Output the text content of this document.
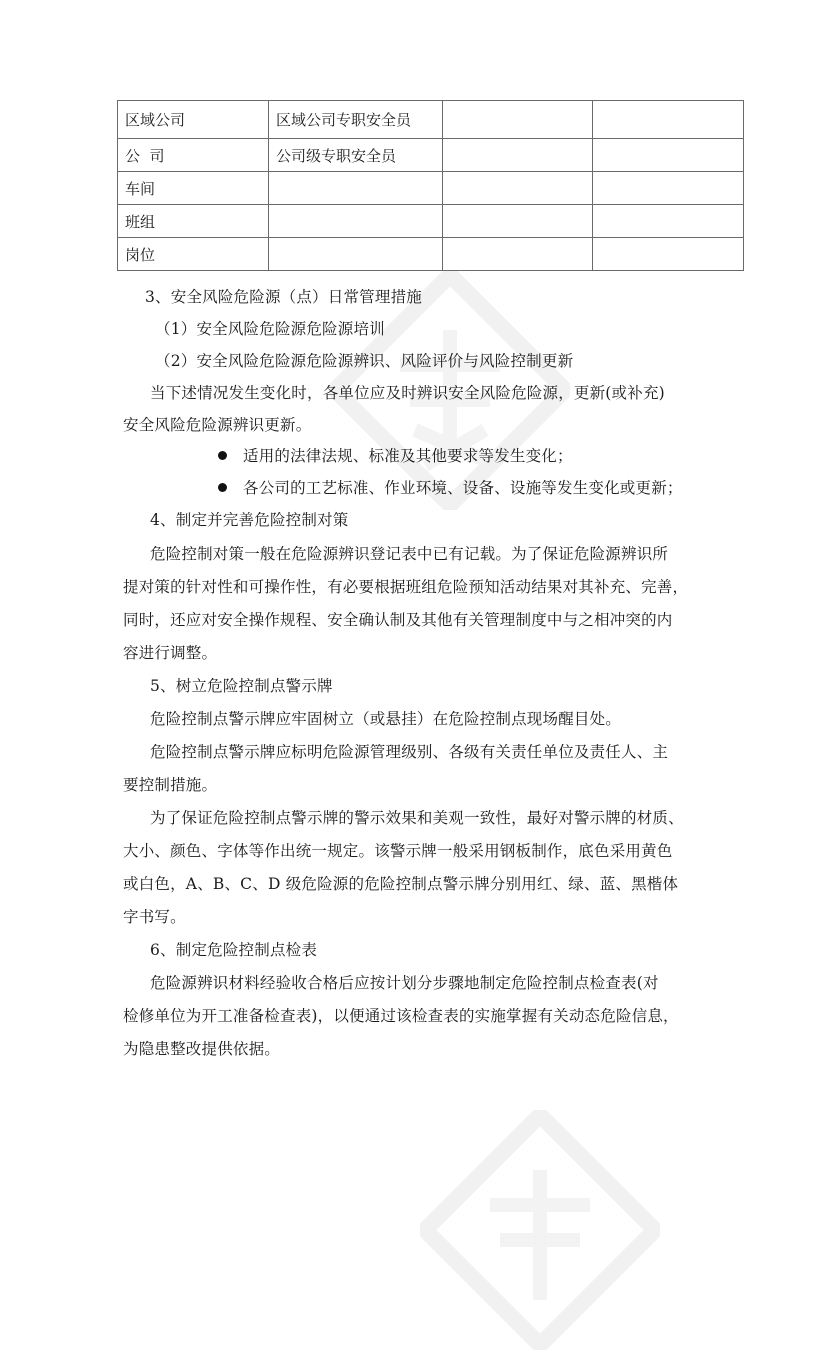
区域公司	区域公司专职安全员		
公  司	公司级专职安全员		
车间			
班组			
岗位			
3、安全风险危险源（点）日常管理措施
（1）安全风险危险源危险源培训
（2）安全风险危险源危险源辨识、风险评价与风险控制更新
当下述情况发生变化时，各单位应及时辨识安全风险危险源，更新(或补充)
安全风险危险源辨识更新。
适用的法律法规、标准及其他要求等发生变化；
各公司的工艺标准、作业环境、设备、设施等发生变化或更新；
4、制定并完善危险控制对策
危险控制对策一般在危险源辨识登记表中已有记载。为了保证危险源辨识所
提对策的针对性和可操作性，有必要根据班组危险预知活动结果对其补充、完善，
同时，还应对安全操作规程、安全确认制及其他有关管理制度中与之相冲突的内
容进行调整。
5、树立危险控制点警示牌
危险控制点警示牌应牢固树立（或悬挂）在危险控制点现场醒目处。
危险控制点警示牌应标明危险源管理级别、各级有关责任单位及责任人、主
要控制措施。
为了保证危险控制点警示牌的警示效果和美观一致性，最好对警示牌的材质、
大小、颜色、字体等作出统一规定。该警示牌一般采用钢板制作，底色采用黄色
或白色，A、B、C、D 级危险源的危险控制点警示牌分别用红、绿、蓝、黑楷体
字书写。
6、制定危险控制点检表
危险源辨识材料经验收合格后应按计划分步骤地制定危险控制点检查表(对
检修单位为开工准备检查表)，以便通过该检查表的实施掌握有关动态危险信息，
为隐患整改提供依据。
